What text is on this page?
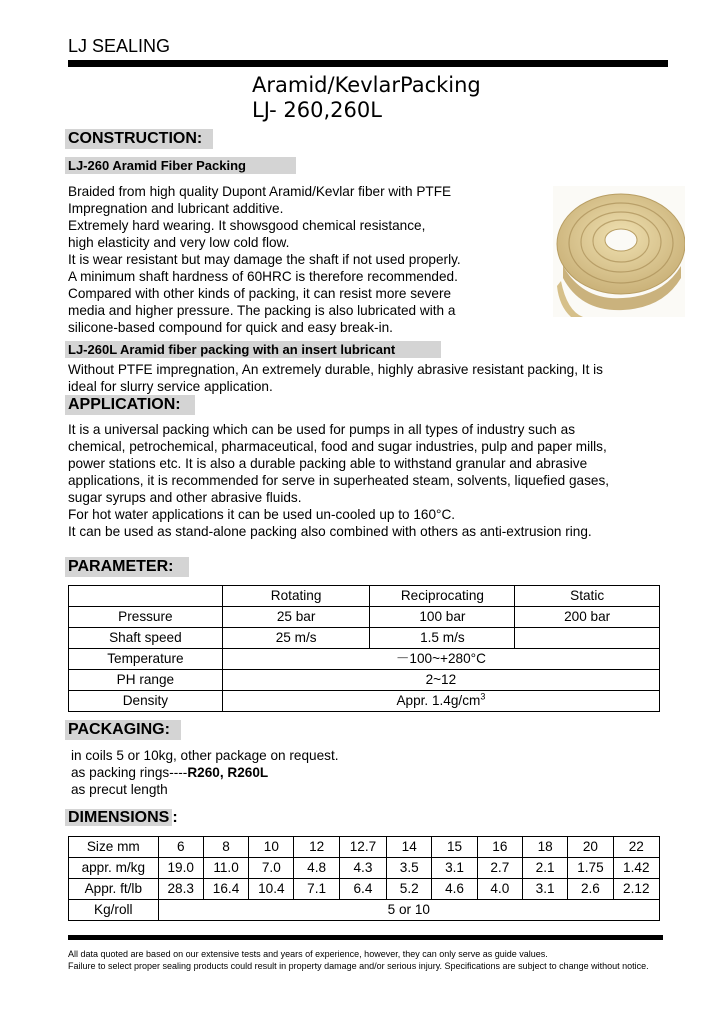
LJ SEALING
Aramid/KevlarPacking
LJ- 260,260L
CONSTRUCTION:
LJ-260 Aramid Fiber Packing

Braided from high quality Dupont Aramid/Kevlar fiber with PTFE

Impregnation and lubricant additive.

Extremely hard wearing. It showsgood chemical resistance,

high elasticity and very low cold flow.

It is wear resistant but may damage the shaft if not used properly.

A minimum shaft hardness of 60HRC is therefore recommended.

Compared with other kinds of packing, it can resist more severe

media and higher pressure. The packing is also lubricated with a

silicone-based compound for quick and easy break-in.

LJ-260L Aramid fiber packing with an insert lubricant

Without PTFE impregnation, An extremely durable, highly abrasive resistant packing, It is

ideal for slurry service application.

APPLICATION:

It is a universal packing which can be used for pumps in all types of industry such as

chemical, petrochemical, pharmaceutical, food and sugar industries, pulp and paper mills,

power stations etc. It is also a durable packing able to withstand granular and abrasive

applications, it is recommended for serve in superheated steam, solvents, liquefied gases,

sugar syrups and other abrasive fluids.

For hot water applications it can be used un-cooled up to 160°C.

It can be used as stand-alone packing also combined with others as anti-extrusion ring.

PARAMETER:
	Rotating	Reciprocating	Static
Pressure	25 bar	100 bar	200 bar
Shaft speed	25 m/s	1.5 m/s	
Temperature	－100~+280°C		
PH range	2~12		
Density	Appr. $1.4g/cm^3$
PACKAGING:

in coils 5 or 10kg, other package on request.

as packing rings----R260, R260L

as precut length

DIMENSIONS :
Size mm	6	8	10	12	12.7	14	15	16	18	20	22
appr. m/kg	19.0	11.0	7.0	4.8	4.3	3.5	3.1	2.7	2.1	1.75	1.42
Appr. ft/lb	28.3	16.4	10.4	7.1	6.4	5.2	4.6	4.0	3.1	2.6	2.12
Kg/roll	5 or 10										
All data quoted are based on our extensive tests and years of experience, however, they can only serve as guide values.
Failure to select proper sealing products could result in property damage and/or serious injury. Specifications are subject to change without notice.
